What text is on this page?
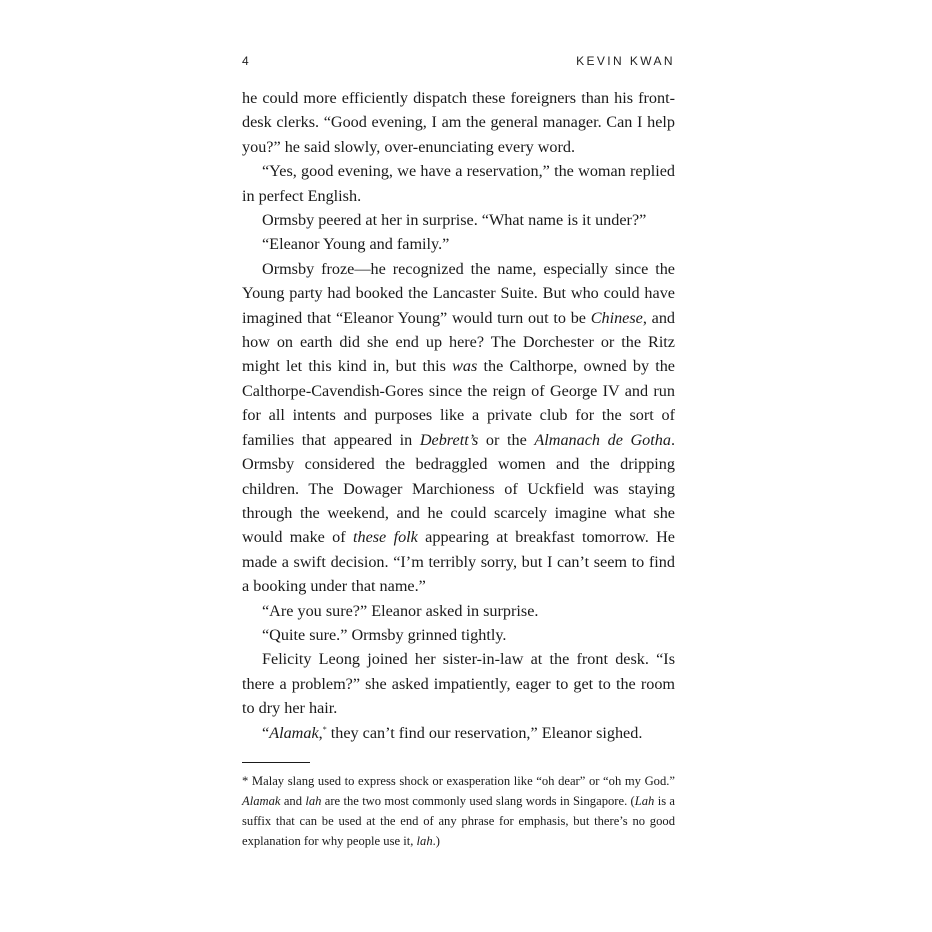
4	KEVIN KWAN

he could more efficiently dispatch these foreigners than his front-desk clerks. “Good evening, I am the general manager. Can I help you?” he said slowly, over-enunciating every word.

“Yes, good evening, we have a reservation,” the woman replied in perfect English.

Ormsby peered at her in surprise. “What name is it under?”

“Eleanor Young and family.”

Ormsby froze—he recognized the name, especially since the Young party had booked the Lancaster Suite. But who could have imagined that “Eleanor Young” would turn out to be Chinese, and how on earth did she end up here? The Dorchester or the Ritz might let this kind in, but this was the Calthorpe, owned by the Calthorpe-Cavendish-Gores since the reign of George IV and run for all intents and purposes like a private club for the sort of families that appeared in Debrett’s or the Almanach de Gotha. Ormsby considered the bedraggled women and the dripping children. The Dowager Marchioness of Uckfield was staying through the weekend, and he could scarcely imagine what she would make of these folk appearing at breakfast tomorrow. He made a swift decision. “I’m terribly sorry, but I can’t seem to find a booking under that name.”

“Are you sure?” Eleanor asked in surprise.

“Quite sure.” Ormsby grinned tightly.

Felicity Leong joined her sister-in-law at the front desk. “Is there a problem?” she asked impatiently, eager to get to the room to dry her hair.

“Alamak,* they can’t find our reservation,” Eleanor sighed.

* Malay slang used to express shock or exasperation like “oh dear” or “oh my God.” Alamak and lah are the two most commonly used slang words in Singapore. (Lah is a suffix that can be used at the end of any phrase for emphasis, but there’s no good explanation for why people use it, lah.)
